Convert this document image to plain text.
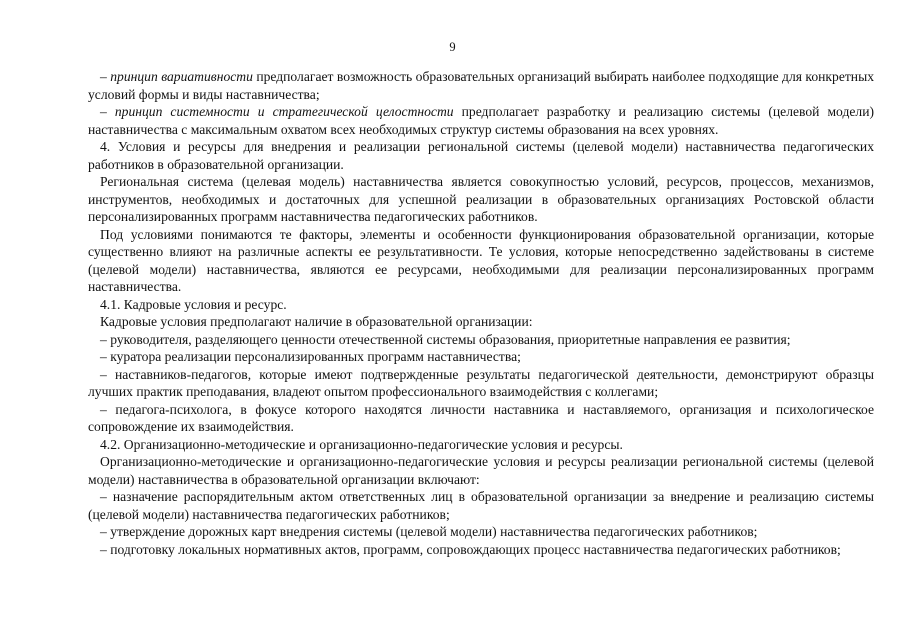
9

– принцип вариативности предполагает возможность образовательных организаций выбирать наиболее подходящие для конкретных условий формы и виды наставничества;

– принцип системности и стратегической целостности предполагает разработку и реализацию системы (целевой модели) наставничества с максимальным охватом всех необходимых структур системы образования на всех уровнях.

4. Условия и ресурсы для внедрения и реализации региональной системы (целевой модели) наставничества педагогических работников в образовательной организации.

Региональная система (целевая модель) наставничества является совокупностью условий, ресурсов, процессов, механизмов, инструментов, необходимых и достаточных для успешной реализации в образовательных организациях Ростовской области персонализированных программ наставничества педагогических работников.

Под условиями понимаются те факторы, элементы и особенности функционирования образовательной организации, которые существенно влияют на различные аспекты ее результативности. Те условия, которые непосредственно задействованы в системе (целевой модели) наставничества, являются ее ресурсами, необходимыми для реализации персонализированных программ наставничества.

4.1. Кадровые условия и ресурс.

Кадровые условия предполагают наличие в образовательной организации:

– руководителя, разделяющего ценности отечественной системы образования, приоритетные направления ее развития;

– куратора реализации персонализированных программ наставничества;

– наставников-педагогов, которые имеют подтвержденные результаты педагогической деятельности, демонстрируют образцы лучших практик преподавания, владеют опытом профессионального взаимодействия с коллегами;

– педагога-психолога, в фокусе которого находятся личности наставника и наставляемого, организация и психологическое сопровождение их взаимодействия.

4.2. Организационно-методические и организационно-педагогические условия и ресурсы.

Организационно-методические и организационно-педагогические условия и ресурсы реализации региональной системы (целевой модели) наставничества в образовательной организации включают:

– назначение распорядительным актом ответственных лиц в образовательной организации за внедрение и реализацию системы (целевой модели) наставничества педагогических работников;

– утверждение дорожных карт внедрения системы (целевой модели) наставничества педагогических работников;

– подготовку локальных нормативных актов, программ, сопровождающих процесс наставничества педагогических работников;
